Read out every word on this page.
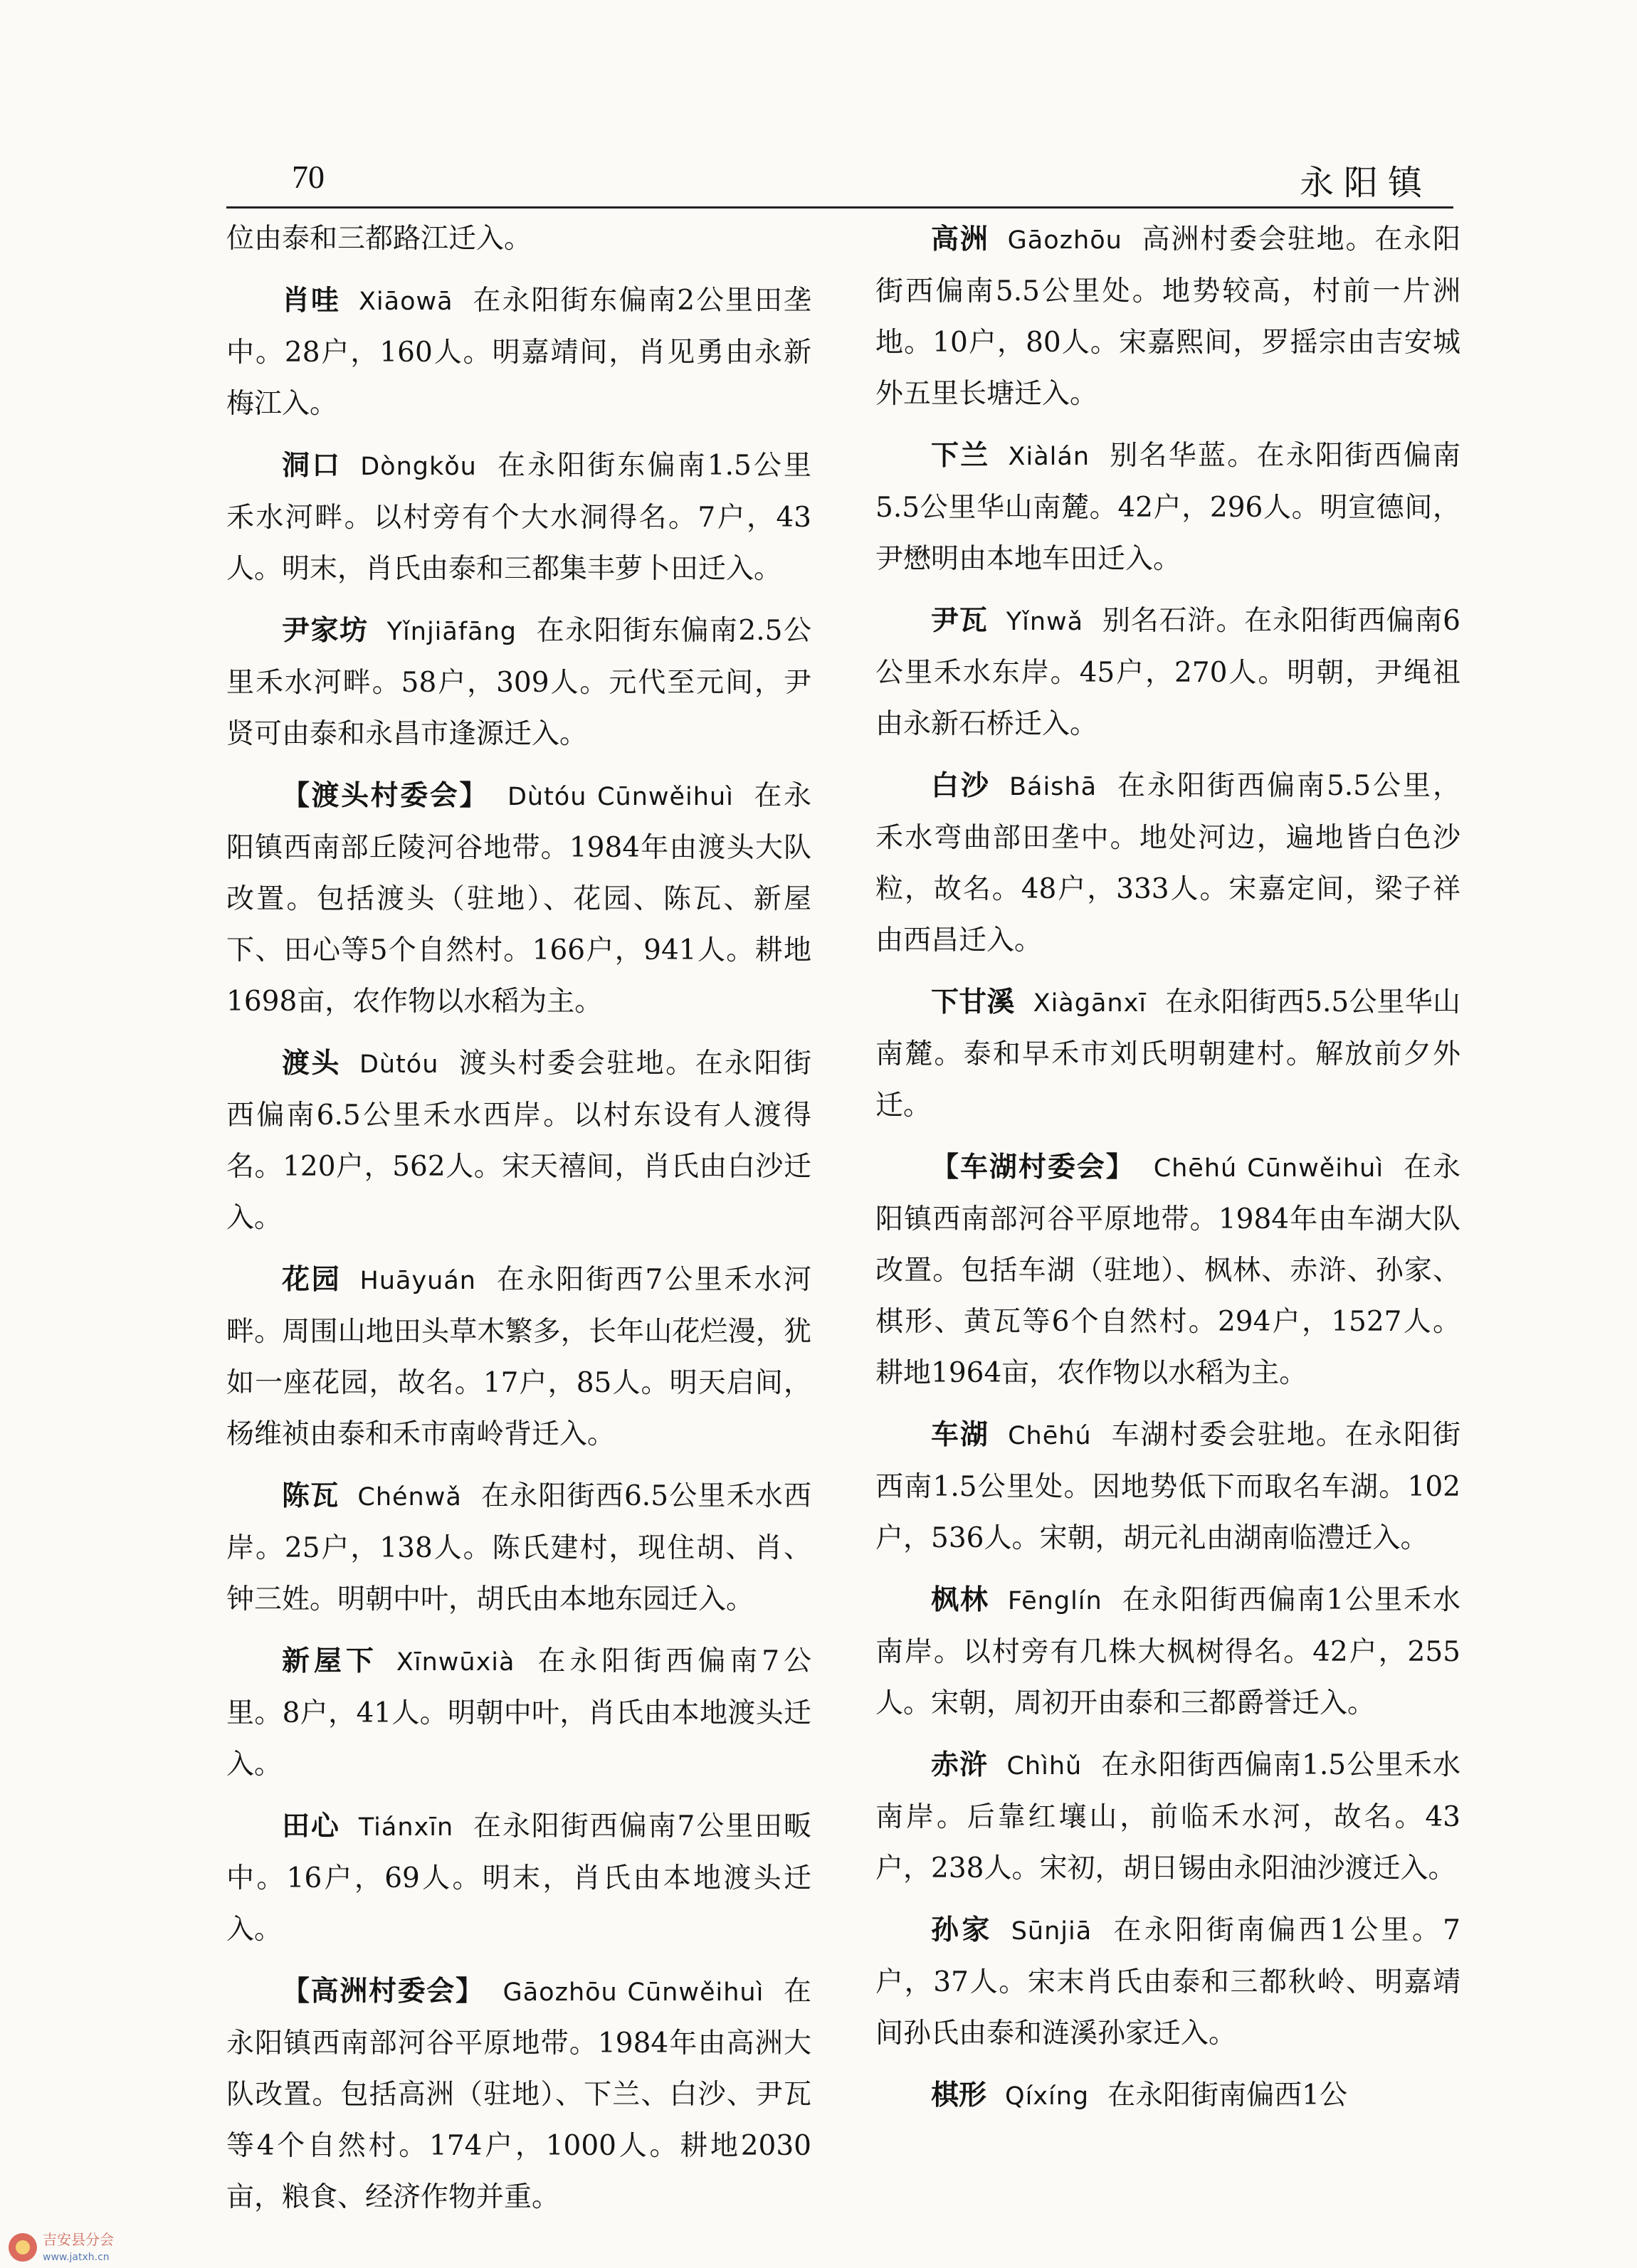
70	永阳镇

位由泰和三都路江迁入。

肖哇 Xiāowā 在永阳街东偏南2公里田垄中。28户，160人。明嘉靖间，肖见勇由永新梅江入。

洞口 Dòngkǒu 在永阳街东偏南1.5公里禾水河畔。以村旁有个大水洞得名。7户，43人。明末，肖氏由泰和三都集丰萝卜田迁入。

尹家坊 Yǐnjiāfāng 在永阳街东偏南2.5公里禾水河畔。58户，309人。元代至元间，尹贤可由泰和永昌市逢源迁入。

【渡头村委会】 Dùtóu Cūnwěihuì 在永阳镇西南部丘陵河谷地带。1984年由渡头大队改置。包括渡头（驻地）、花园、陈瓦、新屋下、田心等5个自然村。166户，941人。耕地1698亩，农作物以水稻为主。

渡头 Dùtóu 渡头村委会驻地。在永阳街西偏南6.5公里禾水西岸。以村东设有人渡得名。120户，562人。宋天禧间，肖氏由白沙迁入。

花园 Huāyuán 在永阳街西7公里禾水河畔。周围山地田头草木繁多，长年山花烂漫，犹如一座花园，故名。17户，85人。明天启间，杨维祯由泰和禾市南岭背迁入。

陈瓦 Chénwǎ 在永阳街西6.5公里禾水西岸。25户，138人。陈氏建村，现住胡、肖、钟三姓。明朝中叶，胡氏由本地东园迁入。

新屋下 Xīnwūxià 在永阳街西偏南7公里。8户，41人。明朝中叶，肖氏由本地渡头迁入。

田心 Tiánxīn 在永阳街西偏南7公里田畈中。16户，69人。明末，肖氏由本地渡头迁入。

【高洲村委会】 Gāozhōu Cūnwěihuì 在永阳镇西南部河谷平原地带。1984年由高洲大队改置。包括高洲（驻地）、下兰、白沙、尹瓦等4个自然村。174户，1000人。耕地2030亩，粮食、经济作物并重。

高洲 Gāozhōu 高洲村委会驻地。在永阳街西偏南5.5公里处。地势较高，村前一片洲地。10户，80人。宋嘉熙间，罗摇宗由吉安城外五里长塘迁入。

下兰 Xiàlán 别名华蓝。在永阳街西偏南5.5公里华山南麓。42户，296人。明宣德间，尹懋明由本地车田迁入。

尹瓦 Yǐnwǎ 别名石浒。在永阳街西偏南6公里禾水东岸。45户，270人。明朝，尹绳祖由永新石桥迁入。

白沙 Báishā 在永阳街西偏南5.5公里，禾水弯曲部田垄中。地处河边，遍地皆白色沙粒，故名。48户，333人。宋嘉定间，梁子祥由西昌迁入。

下甘溪 Xiàgānxī 在永阳街西5.5公里华山南麓。泰和早禾市刘氏明朝建村。解放前夕外迁。

【车湖村委会】 Chēhú Cūnwěihuì 在永阳镇西南部河谷平原地带。1984年由车湖大队改置。包括车湖（驻地）、枫林、赤浒、孙家、棋形、黄瓦等6个自然村。294户，1527人。耕地1964亩，农作物以水稻为主。

车湖 Chēhú 车湖村委会驻地。在永阳街西南1.5公里处。因地势低下而取名车湖。102户，536人。宋朝，胡元礼由湖南临澧迁入。

枫林 Fēnglín 在永阳街西偏南1公里禾水南岸。以村旁有几株大枫树得名。42户，255人。宋朝，周初开由泰和三都爵誉迁入。

赤浒 Chìhǔ 在永阳街西偏南1.5公里禾水南岸。后靠红壤山，前临禾水河，故名。43户，238人。宋初，胡日锡由永阳油沙渡迁入。

孙家 Sūnjiā 在永阳街南偏西1公里。7户，37人。宋末肖氏由泰和三都秋岭、明嘉靖间孙氏由泰和涟溪孙家迁入。

棋形 Qíxíng 在永阳街南偏西1公

吉安县分会
www.jatxh.cn
